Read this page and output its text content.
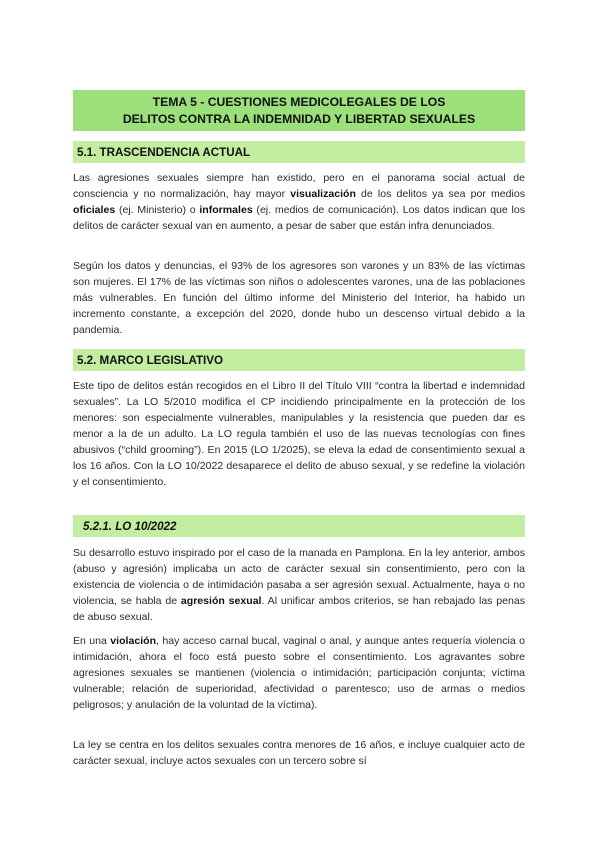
TEMA 5 - CUESTIONES MEDICOLEGALES DE LOS
DELITOS CONTRA LA INDEMNIDAD Y LIBERTAD SEXUALES
5.1. TRASCENDENCIA ACTUAL
Las agresiones sexuales siempre han existido, pero en el panorama social actual de consciencia y no normalización, hay mayor visualización de los delitos ya sea por medios oficiales (ej. Ministerio) o informales (ej. medios de comunicación). Los datos indican que los delitos de carácter sexual van en aumento, a pesar de saber que están infra denunciados.
Según los datos y denuncias, el 93% de los agresores son varones y un 83% de las víctimas son mujeres. El 17% de las víctimas son niños o adolescentes varones, una de las poblaciones más vulnerables. En función del último informe del Ministerio del Interior, ha habido un incremento constante, a excepción del 2020, donde hubo un descenso virtual debido a la pandemia.
5.2. MARCO LEGISLATIVO
Este tipo de delitos están recogidos en el Libro II del Título VIII “contra la libertad e indemnidad sexuales”. La LO 5/2010 modifica el CP incidiendo principalmente en la protección de los menores: son especialmente vulnerables, manipulables y la resistencia que pueden dar es menor a la de un adulto. La LO regula también el uso de las nuevas tecnologías con fines abusivos (“child grooming”). En 2015 (LO 1/2025), se eleva la edad de consentimiento sexual a los 16 años. Con la LO 10/2022 desaparece el delito de abuso sexual, y se redefine la violación y el consentimiento.
5.2.1. LO 10/2022
Su desarrollo estuvo inspirado por el caso de la manada en Pamplona. En la ley anterior, ambos (abuso y agresión) implicaba un acto de carácter sexual sin consentimiento, pero con la existencia de violencia o de intimidación pasaba a ser agresión sexual. Actualmente, haya o no violencia, se habla de agresión sexual. Al unificar ambos criterios, se han rebajado las penas de abuso sexual.
En una violación, hay acceso carnal bucal, vaginal o anal, y aunque antes requería violencia o intimidación, ahora el foco está puesto sobre el consentimiento. Los agravantes sobre agresiones sexuales se mantienen (violencia o intimidación; participación conjunta; víctima vulnerable; relación de superioridad, afectividad o parentesco; uso de armas o medios peligrosos; y anulación de la voluntad de la víctima).
La ley se centra en los delitos sexuales contra menores de 16 años, e incluye cualquier acto de carácter sexual, incluye actos sexuales con un tercero sobre sí
